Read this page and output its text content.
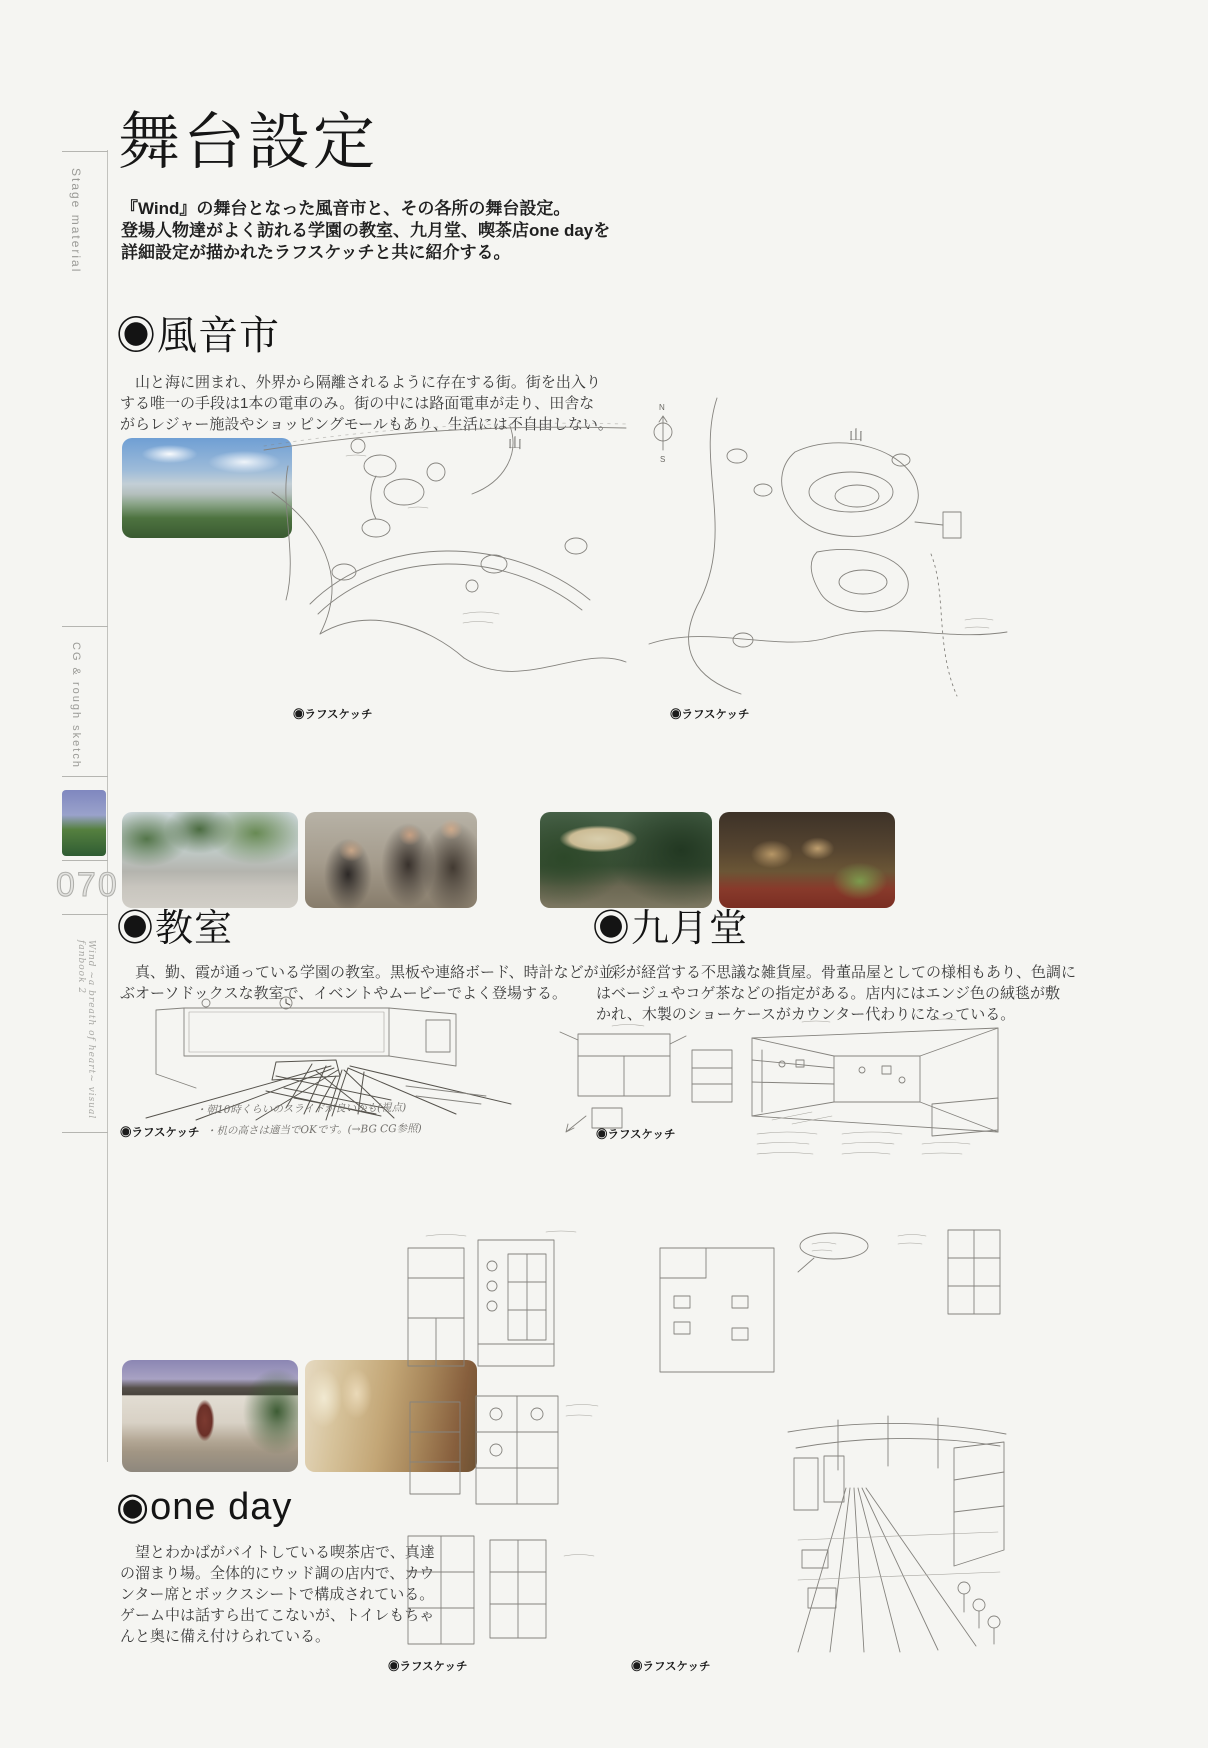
Stage material
CG & rough sketch
070
Wind ~a breath of heart~ visual fanbook 2
舞台設定
『Wind』の舞台となった風音市と、その各所の舞台設定。
登場人物達がよく訪れる学園の教室、九月堂、喫茶店one dayを
詳細設定が描かれたラフスケッチと共に紹介する。
◉風音市
　山と海に囲まれ、外界から隔離されるように存在する街。街を出入り
する唯一の手段は1本の電車のみ。街の中には路面電車が走り、田舎な
がらレジャー施設やショッピングモールもあり、生活には不自由しない。
山
N
S
山
◉ラフスケッチ	◉ラフスケッチ
◉教室
　真、勤、霞が通っている学園の教室。黒板や連絡ボード、時計などが並
ぶオーソドックスな教室で、イベントやムービーでよく登場する。
◉九月堂
　彩が経営する不思議な雑貨屋。骨董品屋としての様相もあり、色調に
はベージュやコゲ茶などの指定がある。店内にはエンジ色の絨毯が敷
かれ、木製のショーケースがカウンター代わりになっている。
・朝10時くらいのスライドが良いかも(視点)
・机の高さは適当でOKです。(→BG CG参照)
◉ラフスケッチ	◉ラフスケッチ
◉one day
　望とわかばがバイトしている喫茶店で、真達
の溜まり場。全体的にウッド調の店内で、カウ
ンター席とボックスシートで構成されている。
ゲーム中は話すら出てこないが、トイレもちゃ
んと奥に備え付けられている。
◉ラフスケッチ	◉ラフスケッチ
